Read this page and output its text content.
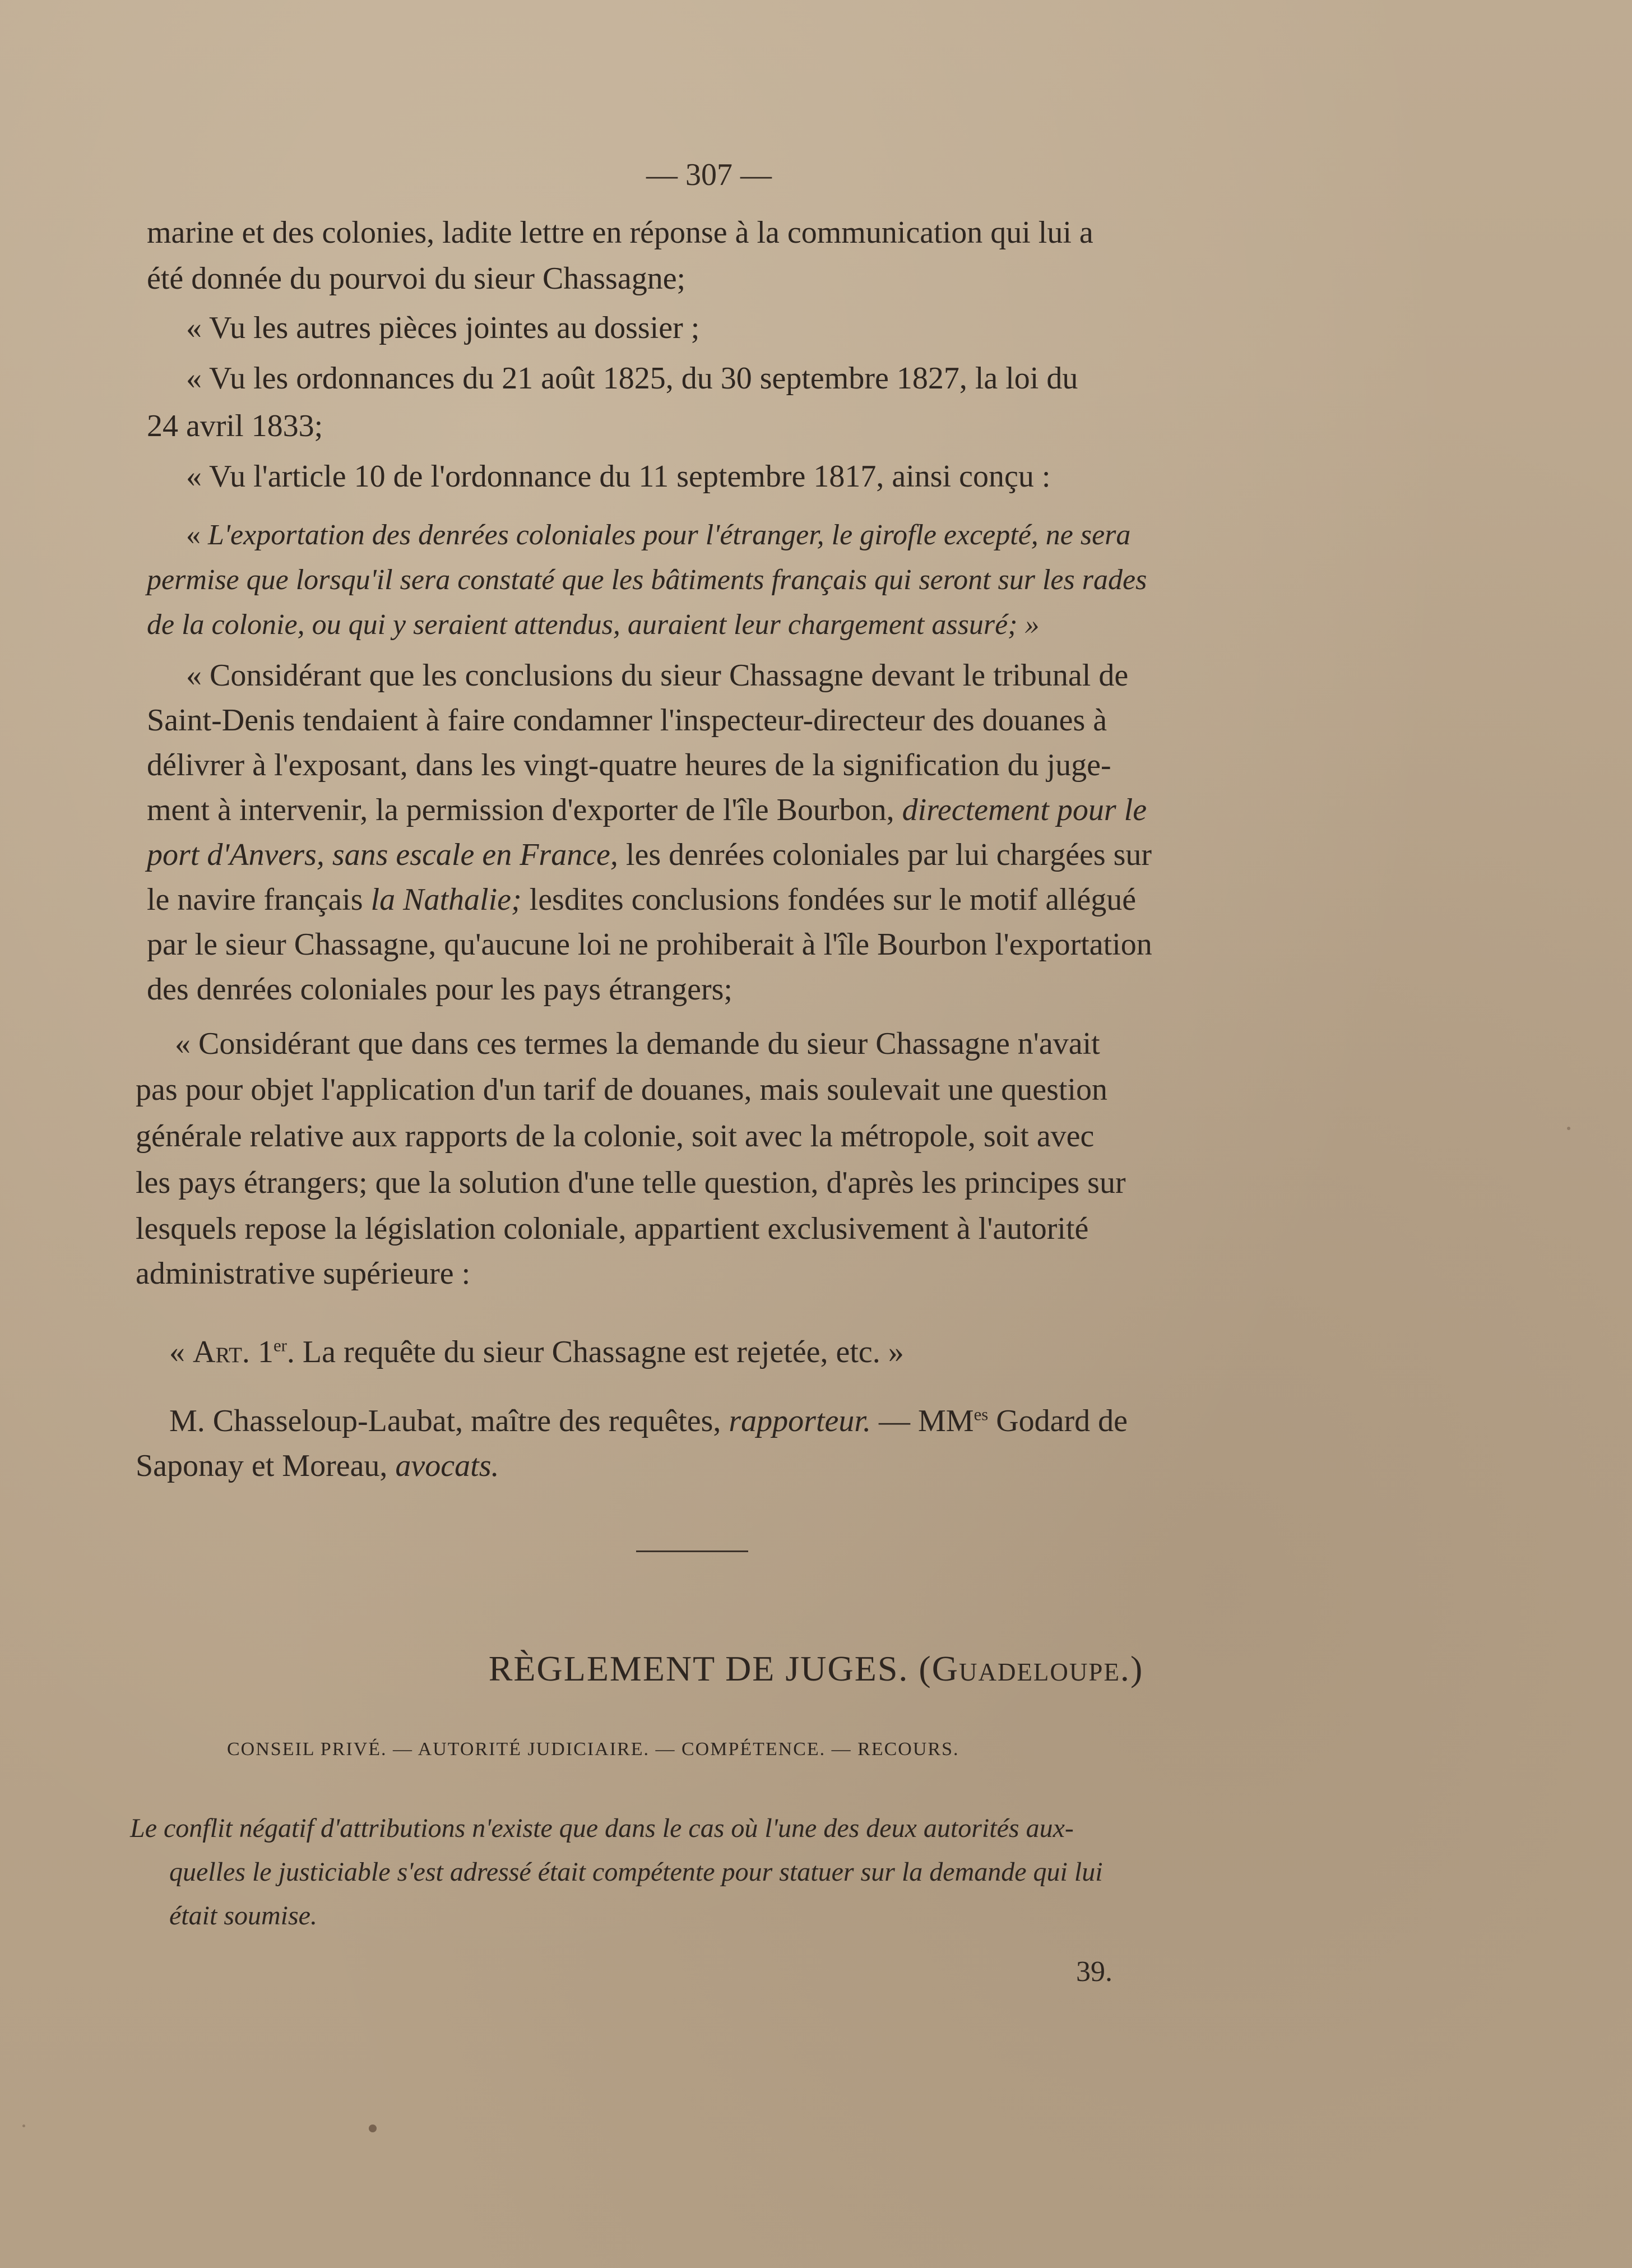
— 307 —
marine et des colonies, ladite lettre en réponse à la communication qui lui a
été donnée du pourvoi du sieur Chassagne;
« Vu les autres pièces jointes au dossier ;
« Vu les ordonnances du 21 août 1825, du 30 septembre 1827, la loi du
24 avril 1833;
« Vu l'article 10 de l'ordonnance du 11 septembre 1817, ainsi conçu :
« L'exportation des denrées coloniales pour l'étranger, le girofle excepté, ne sera
permise que lorsqu'il sera constaté que les bâtiments français qui seront sur les rades
de la colonie, ou qui y seraient attendus, auraient leur chargement assuré; »
« Considérant que les conclusions du sieur Chassagne devant le tribunal de
Saint-Denis tendaient à faire condamner l'inspecteur-directeur des douanes à
délivrer à l'exposant, dans les vingt-quatre heures de la signification du juge-
ment à intervenir, la permission d'exporter de l'île Bourbon, directement pour le
port d'Anvers, sans escale en France, les denrées coloniales par lui chargées sur
le navire français la Nathalie; lesdites conclusions fondées sur le motif allégué
par le sieur Chassagne, qu'aucune loi ne prohiberait à l'île Bourbon l'exportation
des denrées coloniales pour les pays étrangers;
« Considérant que dans ces termes la demande du sieur Chassagne n'avait
pas pour objet l'application d'un tarif de douanes, mais soulevait une question
générale relative aux rapports de la colonie, soit avec la métropole, soit avec
les pays étrangers; que la solution d'une telle question, d'après les principes sur
lesquels repose la législation coloniale, appartient exclusivement à l'autorité
administrative supérieure :
« Art. 1er. La requête du sieur Chassagne est rejetée, etc. »
M. Chasseloup-Laubat, maître des requêtes, rapporteur. — $MM^{es}$ Godard de
Saponay et Moreau, avocats.
RÈGLEMENT DE JUGES. (Guadeloupe.)
CONSEIL PRIVÉ. — AUTORITÉ JUDICIAIRE. — COMPÉTENCE. — RECOURS.
Le conflit négatif d'attributions n'existe que dans le cas où l'une des deux autorités aux-
quelles le justiciable s'est adressé était compétente pour statuer sur la demande qui lui
était soumise.
39.
